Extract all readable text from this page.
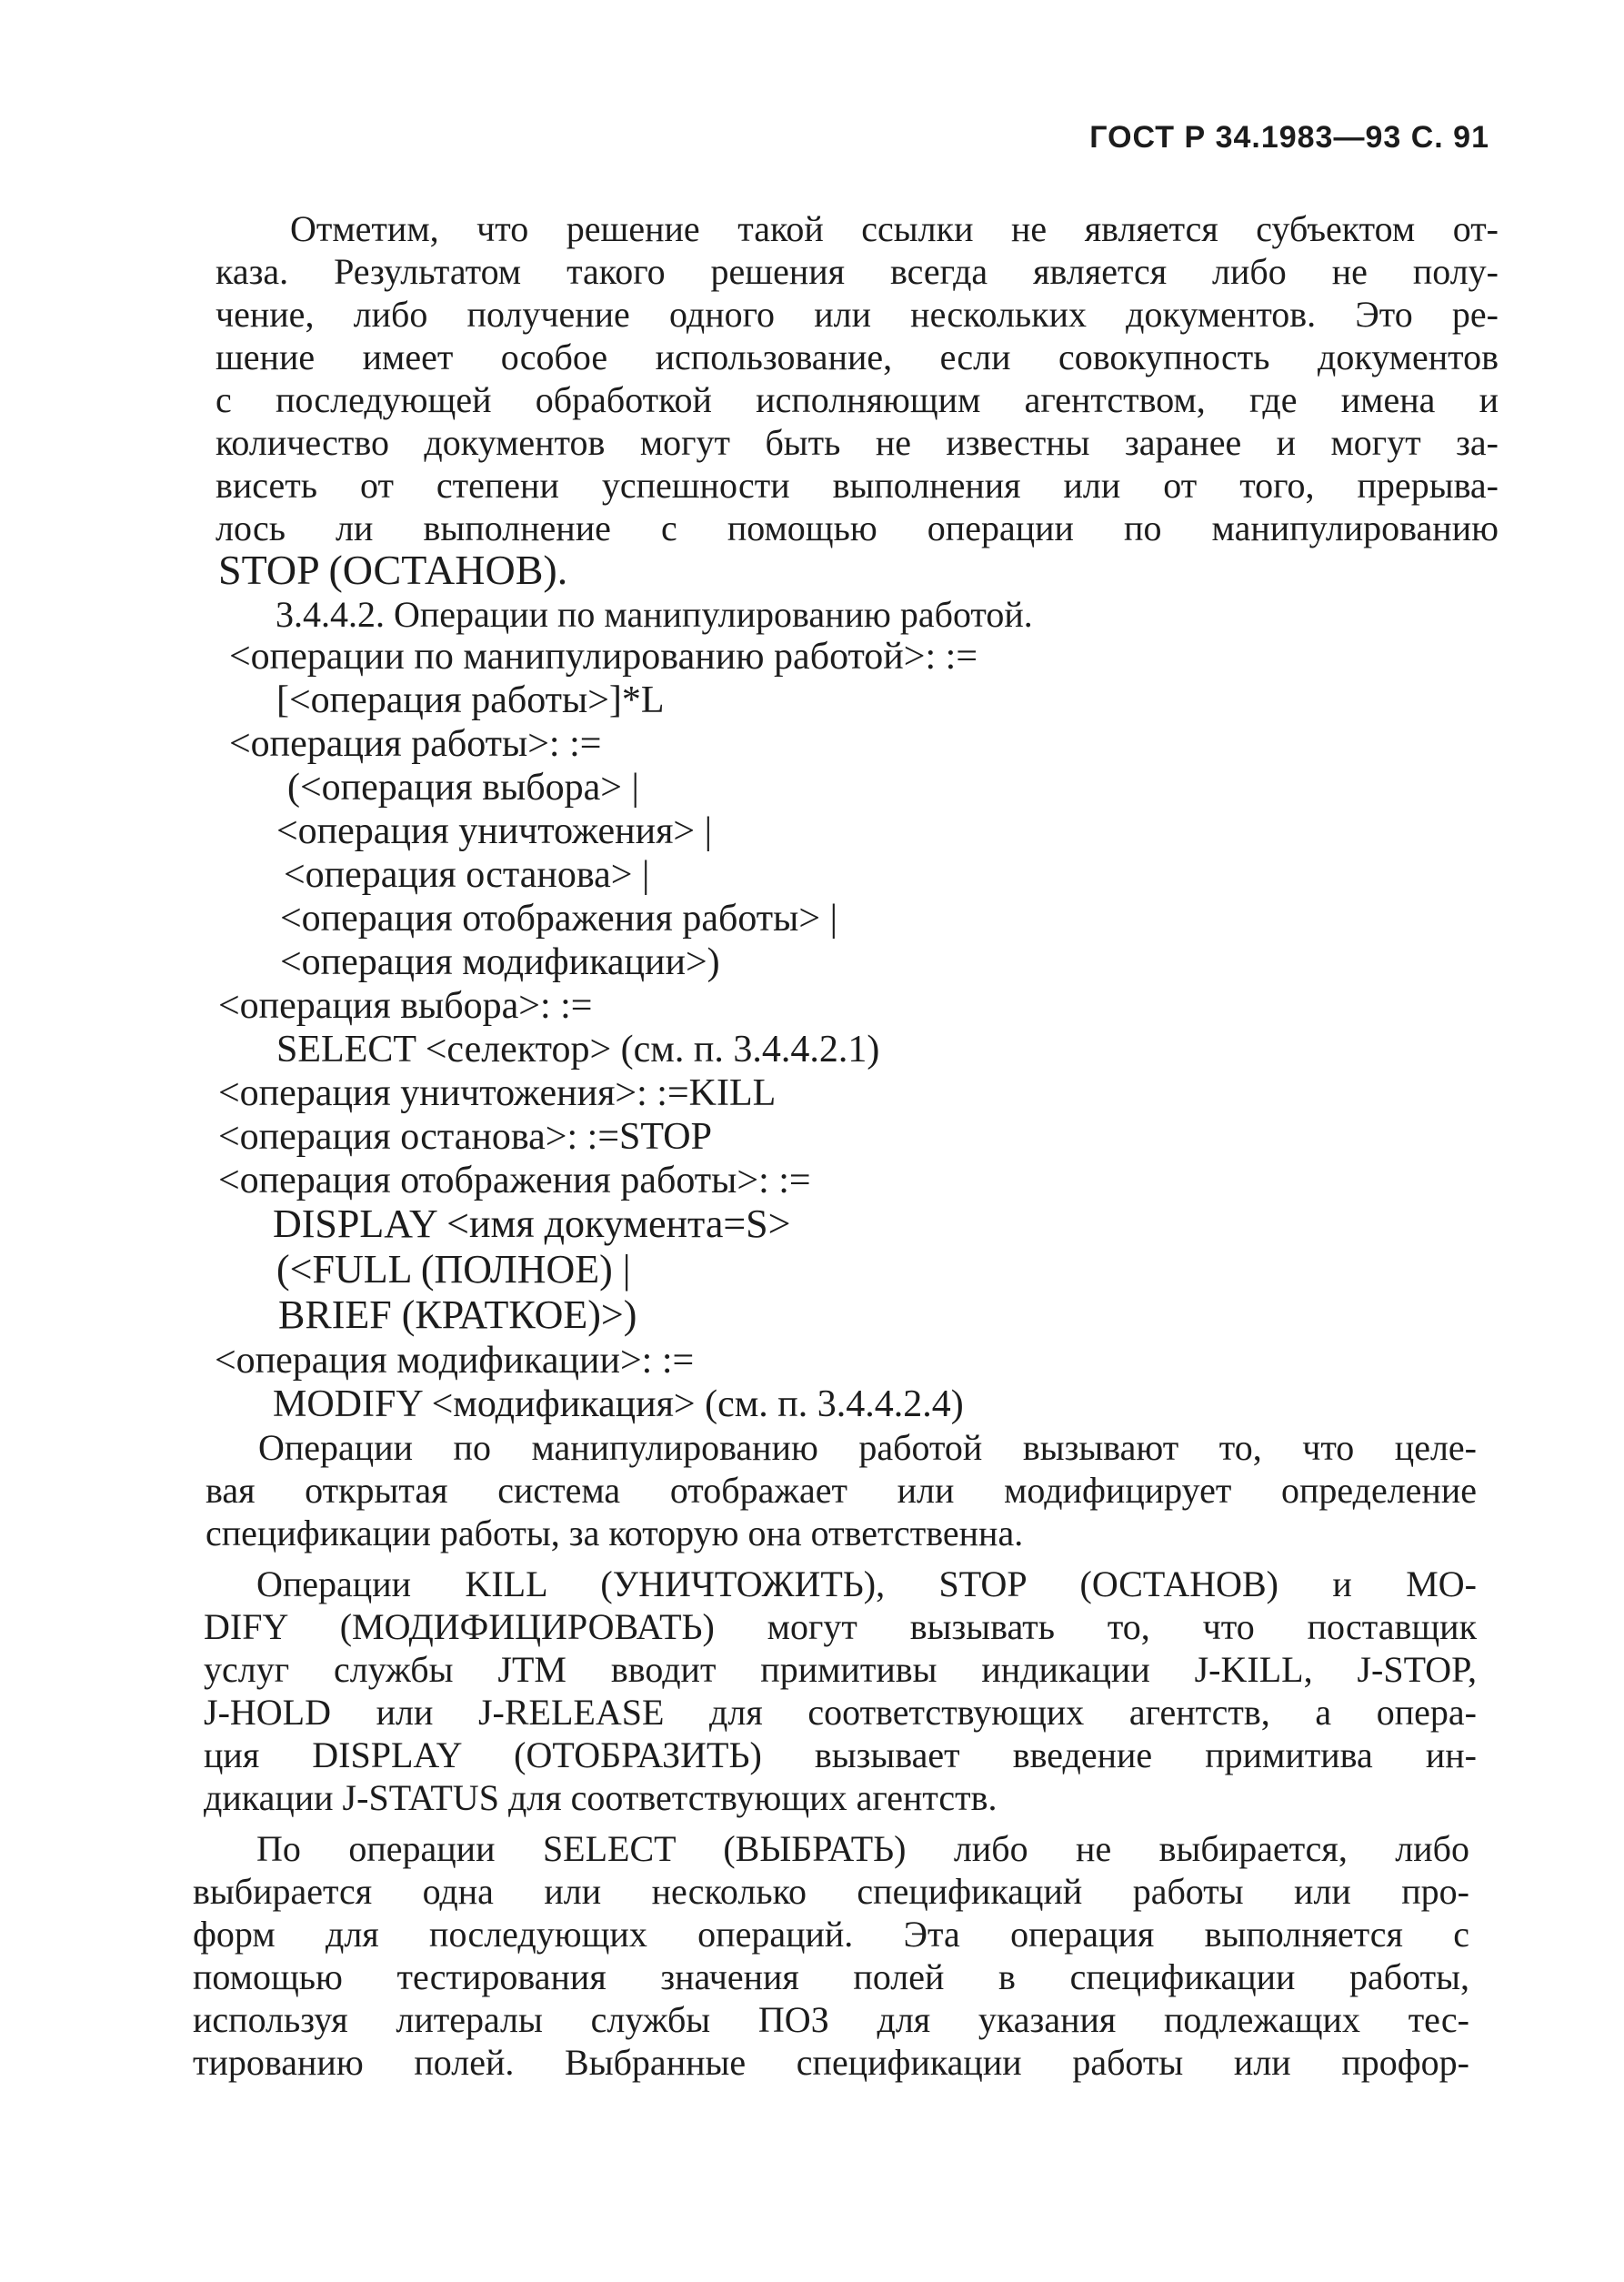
ГОСТ Р 34.1983—93 С. 91
Отметим, что решение такой ссылки не является субъектом от-
каза. Результатом такого решения всегда является либо не полу-
чение, либо получение одного или нескольких документов. Это ре-
шение имеет особое использование, если совокупность документов
с последующей обработкой исполняющим агентством, где имена и
количество документов могут быть не известны заранее и могут за-
висеть от степени успешности выполнения или от того, прерыва-
лось ли выполнение с помощью операции по манипулированию
STOP (ОСТАНОВ).
3.4.4.2. Операции по манипулированию работой.
<операции по манипулированию работой>: :=
[<операция работы>]*L
<операция работы>: :=
(<операция выбора> |
<операция уничтожения> |
<операция останова> |
<операция отображения работы> |
<операция модификации>)
<операция выбора>: :=
SELECT <селектор> (см. п. 3.4.4.2.1)
<операция уничтожения>: :=KILL
<операция останова>: :=STOP
<операция отображения работы>: :=
DISPLAY <имя документа=S>
(<FULL (ПОЛНОЕ) |
BRIEF (КРАТКОЕ)>)
<операция модификации>: :=
MODIFY <модификация> (см. п. 3.4.4.2.4)
Операции по манипулированию работой вызывают то, что целе-
вая открытая система отображает или модифицирует определение
спецификации работы, за которую она ответственна.
Операции KILL (УНИЧТОЖИТЬ), STOP (ОСТАНОВ) и МО-
DIFY (МОДИФИЦИРОВАТЬ) могут вызывать то, что поставщик
услуг службы JTM вводит примитивы индикации J-KILL, J-STOP,
J-HOLD или J-RELEASE для соответствующих агентств, а опера-
ция DISPLAY (ОТОБРАЗИТЬ) вызывает введение примитива ин-
дикации J-STATUS для соответствующих агентств.
По операции SELECT (ВЫБРАТЬ) либо не выбирается, либо
выбирается одна или несколько спецификаций работы или про-
форм для последующих операций. Эта операция выполняется с
помощью тестирования значения полей в спецификации работы,
используя литералы службы ПОЗ для указания подлежащих тес-
тированию полей. Выбранные спецификации работы или профор-
